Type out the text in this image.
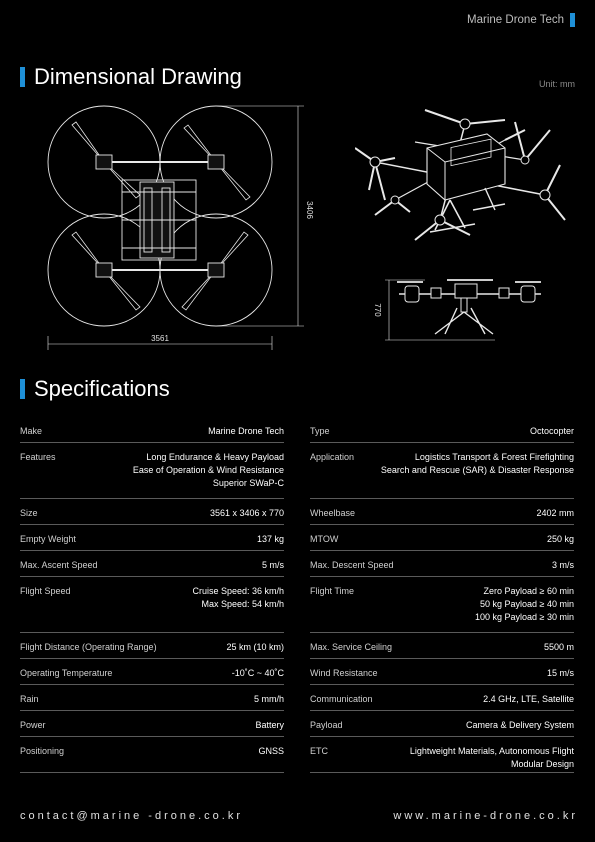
Marine Drone Tech
Dimensional Drawing	Unit: mm
3561
3406
770
Specifications
Make	Marine Drone Tech
Features	Long Endurance & Heavy Payload
Ease of Operation & Wind Resistance
Superior SWaP-C
Size	3561 x 3406 x 770
Empty Weight	137 kg
Max. Ascent Speed	5 m/s
Flight Speed	Cruise Speed: 36 km/h
Max Speed: 54 km/h
Flight Distance (Operating Range)	25 km (10 km)
Operating Temperature	-10˚C ~ 40˚C
Rain	5 mm/h
Power	Battery
Positioning	GNSS
Type	Octocopter
Application	Logistics Transport & Forest Firefighting
Search and Rescue (SAR) & Disaster Response
Wheelbase	2402 mm
MTOW	250 kg
Max. Descent Speed	3 m/s
Flight Time	Zero Payload ≥ 60 min
50 kg Payload ≥ 40 min
100 kg Payload ≥ 30 min
Max. Service Ceiling	5500 m
Wind Resistance	15 m/s
Communication	2.4 GHz, LTE, Satellite
Payload	Camera & Delivery System
ETC	Lightweight Materials, Autonomous Flight
Modular Design
contact@marine -drone.co.kr	www.marine-drone.co.kr
